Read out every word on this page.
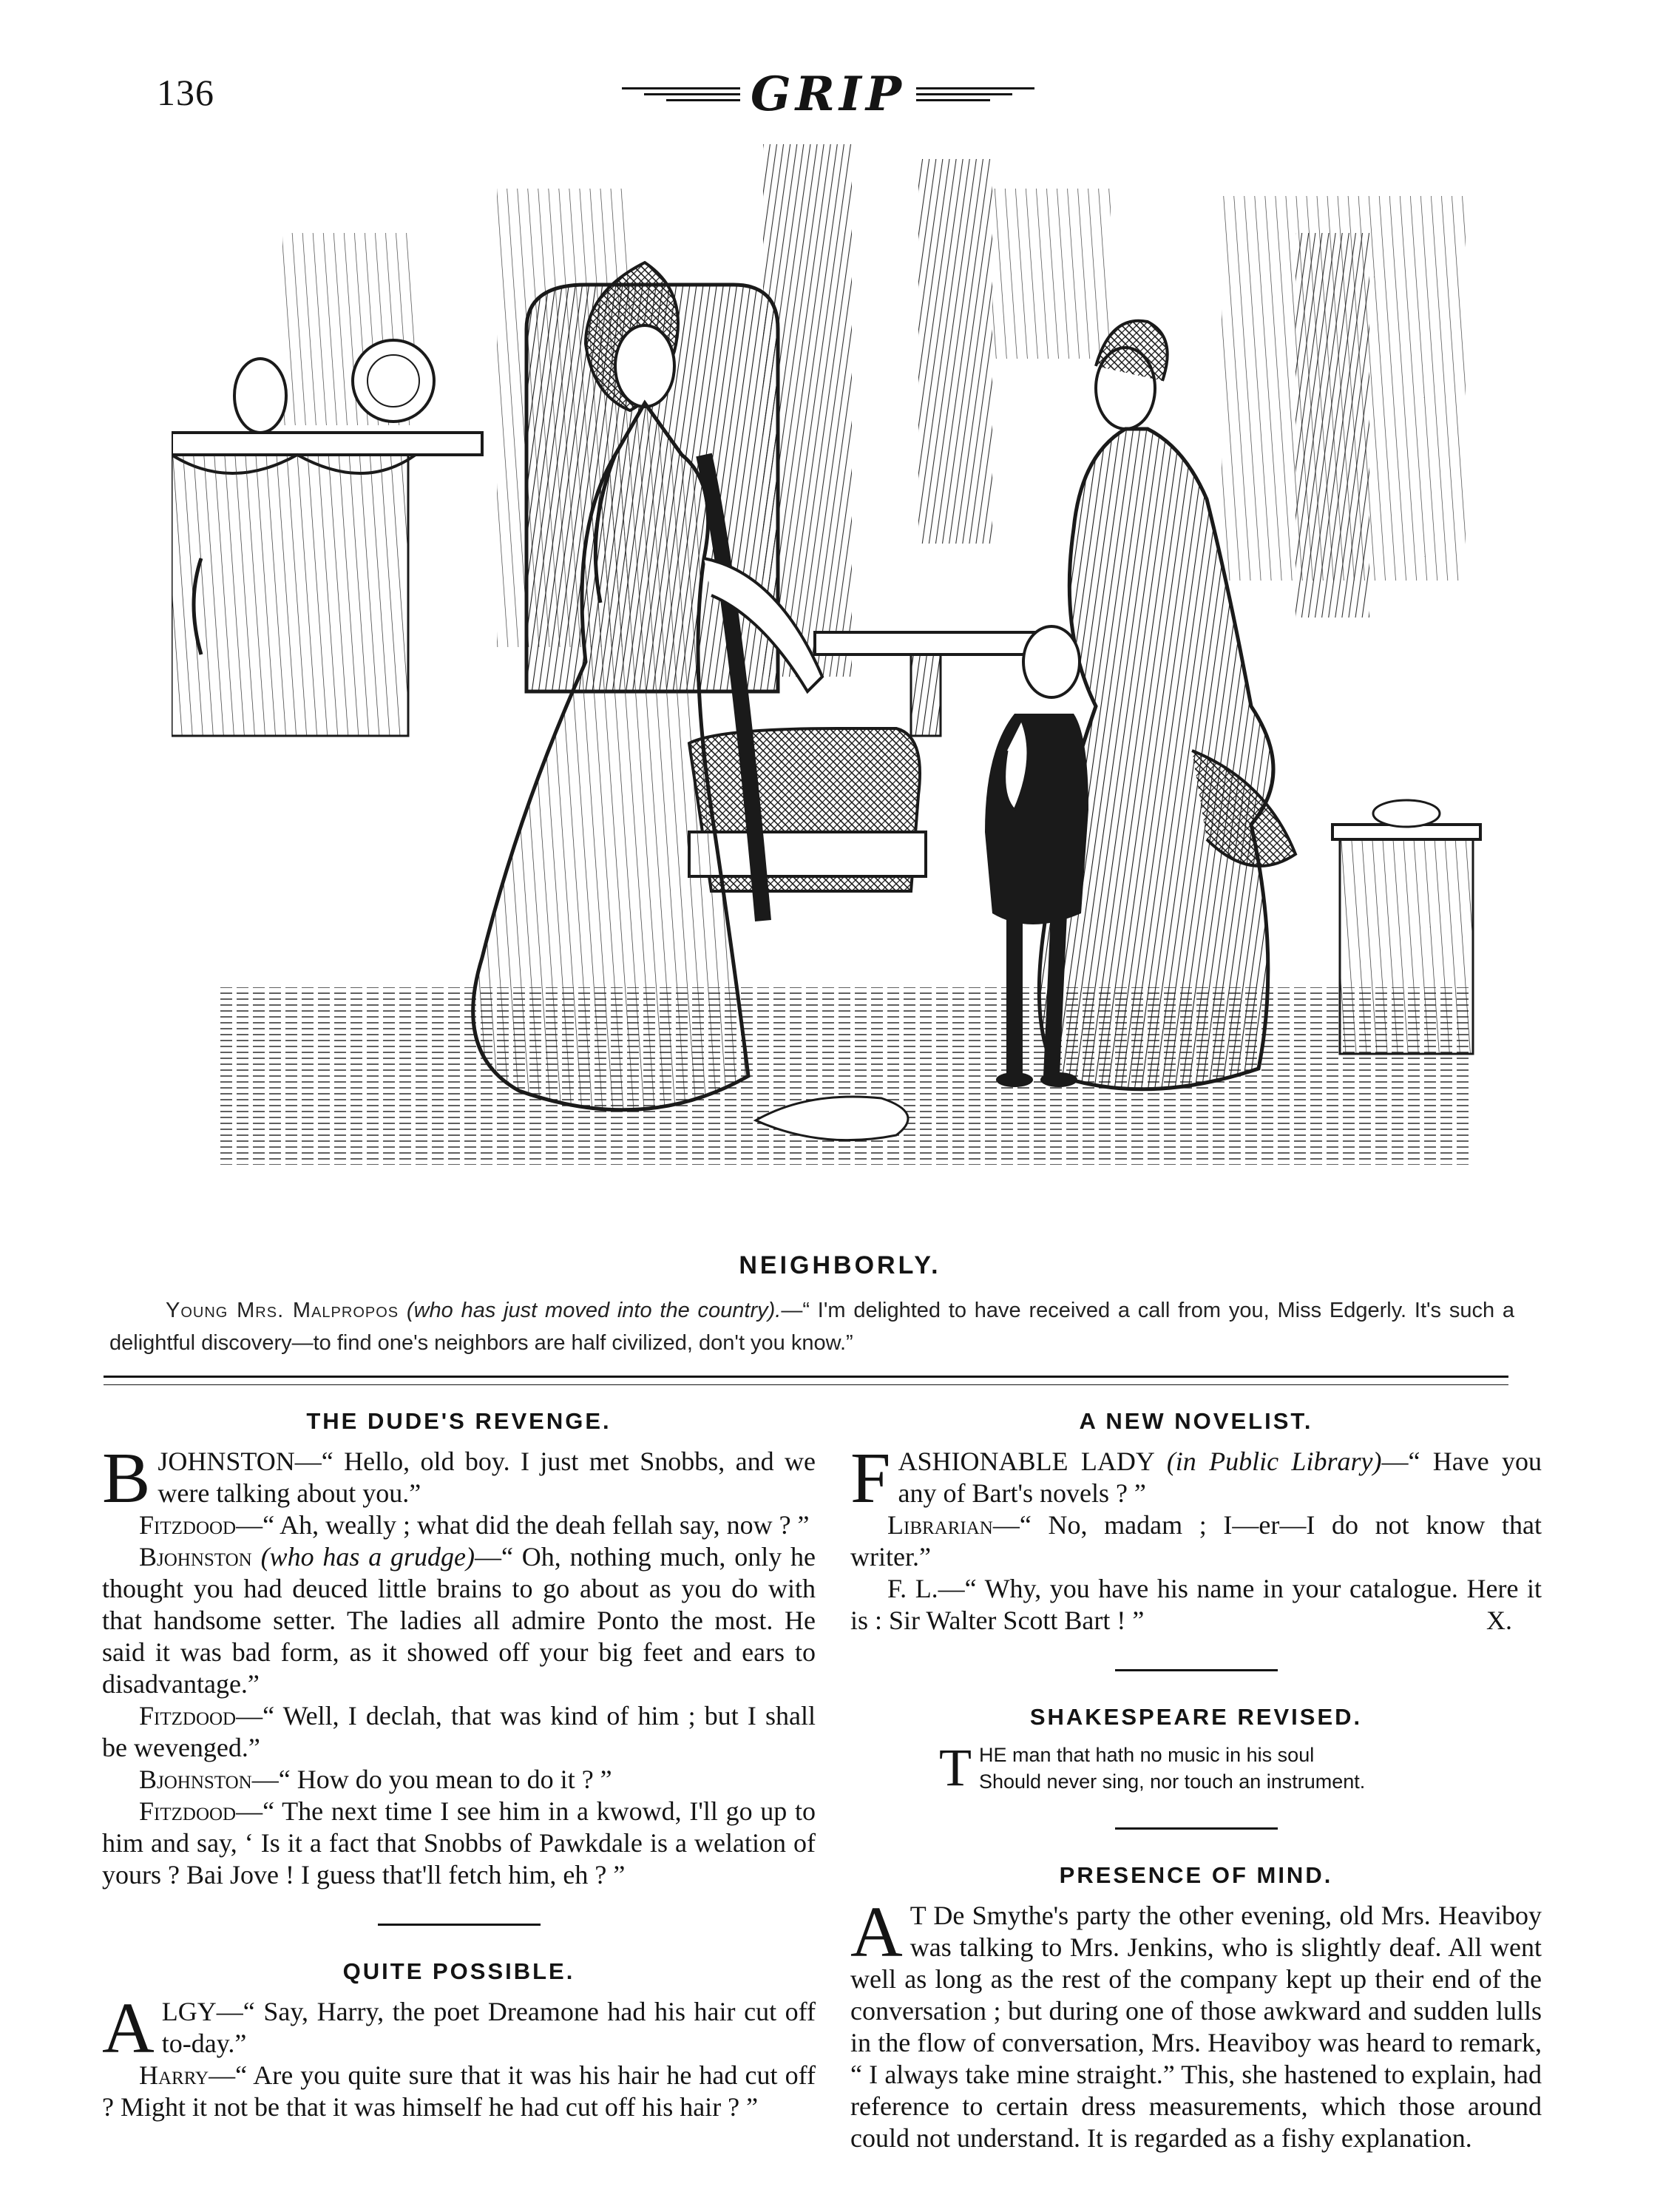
136	GRIP
NEIGHBORLY.
Young Mrs. Malpropos (who has just moved into the country).—“ I'm delighted to have received a call from you, Miss Edgerly. It's such a delightful discovery—to find one's neighbors are half civilized, don't you know.”
THE DUDE'S REVENGE.

BJOHNSTON—“ Hello, old boy. I just met Snobbs, and we were talking about you.”

Fitzdood—“ Ah, weally ; what did the deah fellah say, now ? ”

Bjohnston (who has a grudge)—“ Oh, nothing much, only he thought you had deuced little brains to go about as you do with that handsome setter. The ladies all admire Ponto the most. He said it was bad form, as it showed off your big feet and ears to disadvantage.”

Fitzdood—“ Well, I declah, that was kind of him ; but I shall be wevenged.”

Bjohnston—“ How do you mean to do it ? ”

Fitzdood—“ The next time I see him in a kwowd, I'll go up to him and say, ‘ Is it a fact that Snobbs of Pawkdale is a welation of yours ? Bai Jove ! I guess that'll fetch him, eh ? ”

QUITE POSSIBLE.

ALGY—“ Say, Harry, the poet Dreamone had his hair cut off to-day.”

Harry—“ Are you quite sure that it was his hair he had cut off ? Might it not be that it was himself he had cut off his hair ? ”

A NEW NOVELIST.

FASHIONABLE LADY (in Public Library)—“ Have you any of Bart's novels ? ”

Librarian—“ No, madam ; I—er—I do not know that writer.”

F. L.—“ Why, you have his name in your catalogue. Here it is : Sir Walter Scott Bart ! ”	X.

SHAKESPEARE REVISED.
T HE man that hath no music in his soul
Should never sing, nor touch an instrument.
PRESENCE OF MIND.

A T De Smythe's party the other evening, old Mrs. Heaviboy was talking to Mrs. Jenkins, who is slightly deaf. All went well as long as the rest of the company kept up their end of the conversation ; but during one of those awkward and sudden lulls in the flow of conversation, Mrs. Heaviboy was heard to remark, “ I always take mine straight.” This, she hastened to explain, had reference to certain dress measurements, which those around could not understand. It is regarded as a fishy explanation.
